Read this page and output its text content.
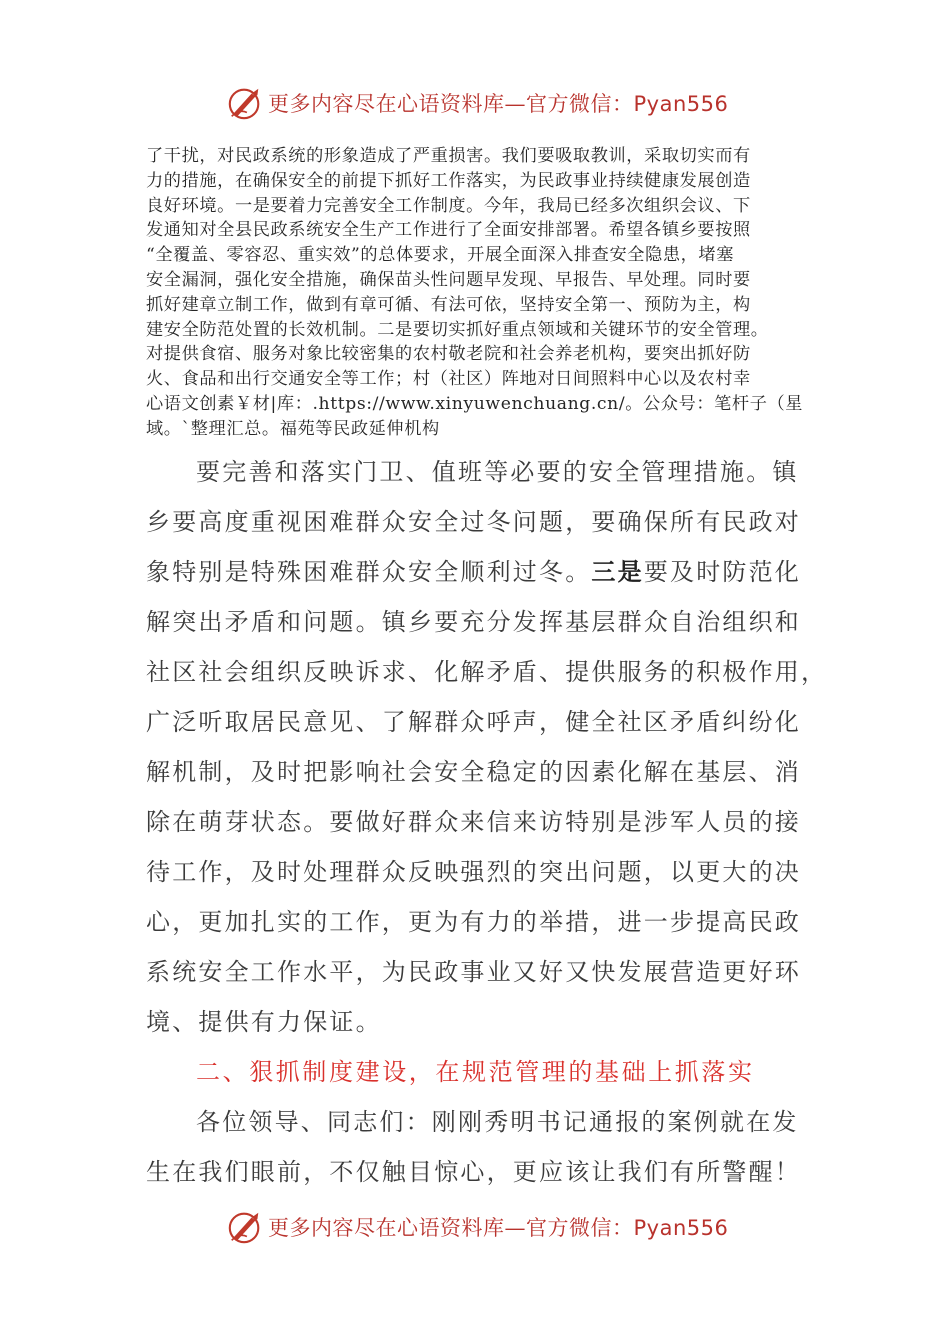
更多内容尽在心语资料库—官方微信：Pyan556
了干扰，对民政系统的形象造成了严重损害。我们要吸取教训，采取切实而有
力的措施，在确保安全的前提下抓好工作落实，为民政事业持续健康发展创造
良好环境。一是要着力完善安全工作制度。今年，我局已经多次组织会议、下
发通知对全县民政系统安全生产工作进行了全面安排部署。希望各镇乡要按照
“全覆盖、零容忍、重实效”的总体要求，开展全面深入排查安全隐患，堵塞
安全漏洞，强化安全措施，确保苗头性问题早发现、早报告、早处理。同时要
抓好建章立制工作，做到有章可循、有法可依，坚持安全第一、预防为主，构
建安全防范处置的长效机制。二是要切实抓好重点领域和关键环节的安全管理。
对提供食宿、服务对象比较密集的农村敬老院和社会养老机构，要突出抓好防
火、食品和出行交通安全等工作；村（社区）阵地对日间照料中心以及农村幸
心语文创素￥材|库：.https://www.xinyuwenchuang.cn/。公众号：笔杆子（星
域。`整理汇总。福苑等民政延伸机构
要完善和落实门卫、值班等必要的安全管理措施。镇
乡要高度重视困难群众安全过冬问题，要确保所有民政对
象特别是特殊困难群众安全顺利过冬。三是要及时防范化
解突出矛盾和问题。镇乡要充分发挥基层群众自治组织和
社区社会组织反映诉求、化解矛盾、提供服务的积极作用，
广泛听取居民意见、了解群众呼声，健全社区矛盾纠纷化
解机制，及时把影响社会安全稳定的因素化解在基层、消
除在萌芽状态。要做好群众来信来访特别是涉军人员的接
待工作，及时处理群众反映强烈的突出问题，以更大的决
心，更加扎实的工作，更为有力的举措，进一步提高民政
系统安全工作水平，为民政事业又好又快发展营造更好环
境、提供有力保证。
二、狠抓制度建设，在规范管理的基础上抓落实
各位领导、同志们：刚刚秀明书记通报的案例就在发
生在我们眼前，不仅触目惊心，更应该让我们有所警醒！
更多内容尽在心语资料库—官方微信：Pyan556
